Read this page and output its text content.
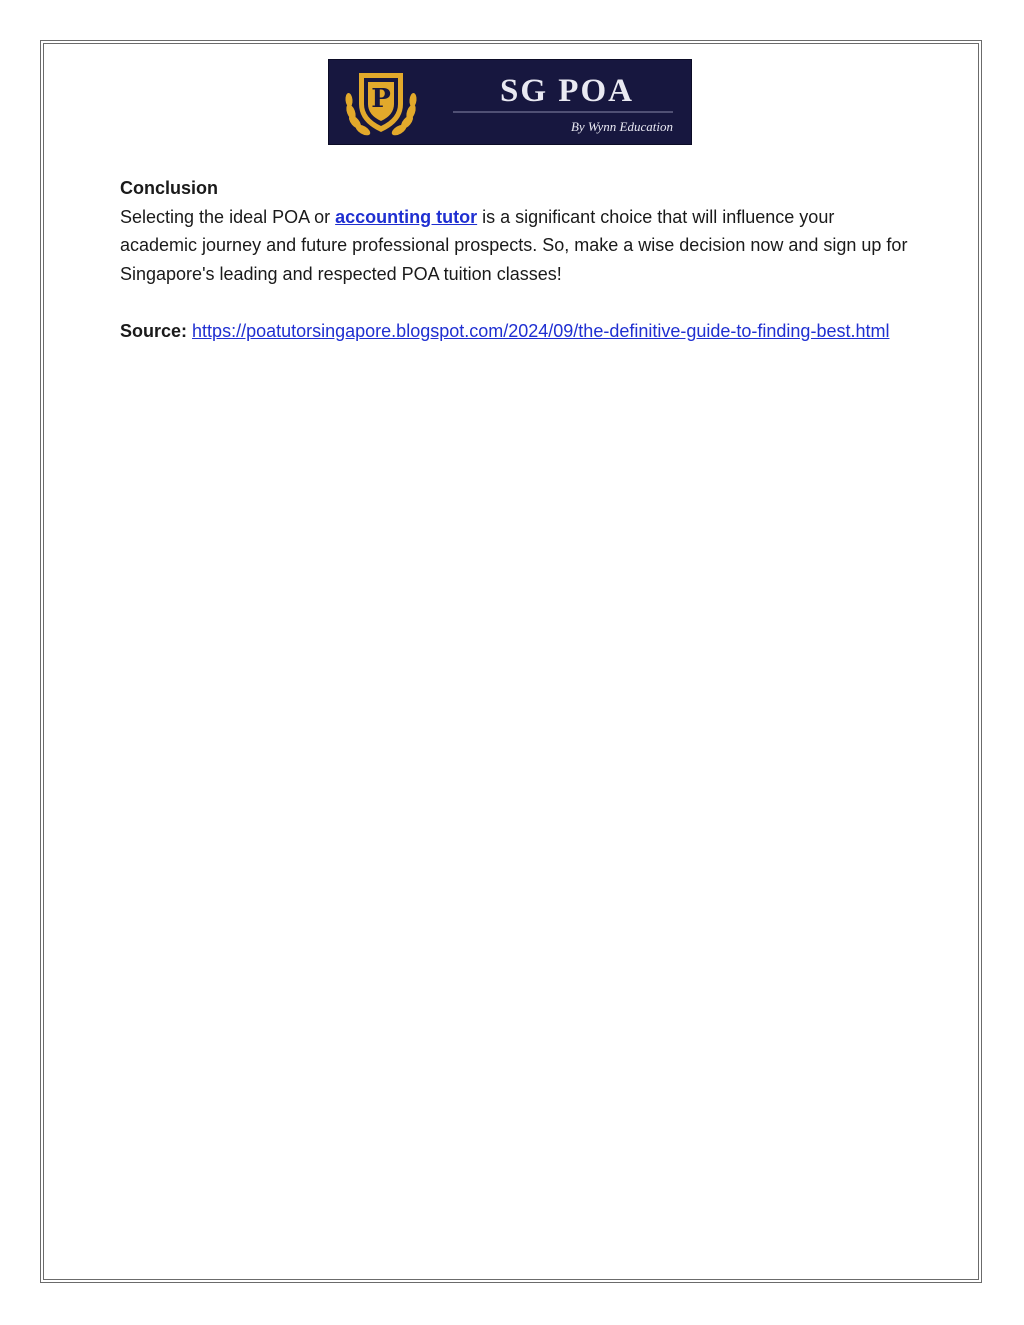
P	SG POA
By Wynn Education

Conclusion

Selecting the ideal POA or accounting tutor is a significant choice that will influence your academic journey and future professional prospects. So, make a wise decision now and sign up for Singapore's leading and respected POA tuition classes!

Source: https://poatutorsingapore.blogspot.com/2024/09/the-definitive-guide-to-finding-best.html
